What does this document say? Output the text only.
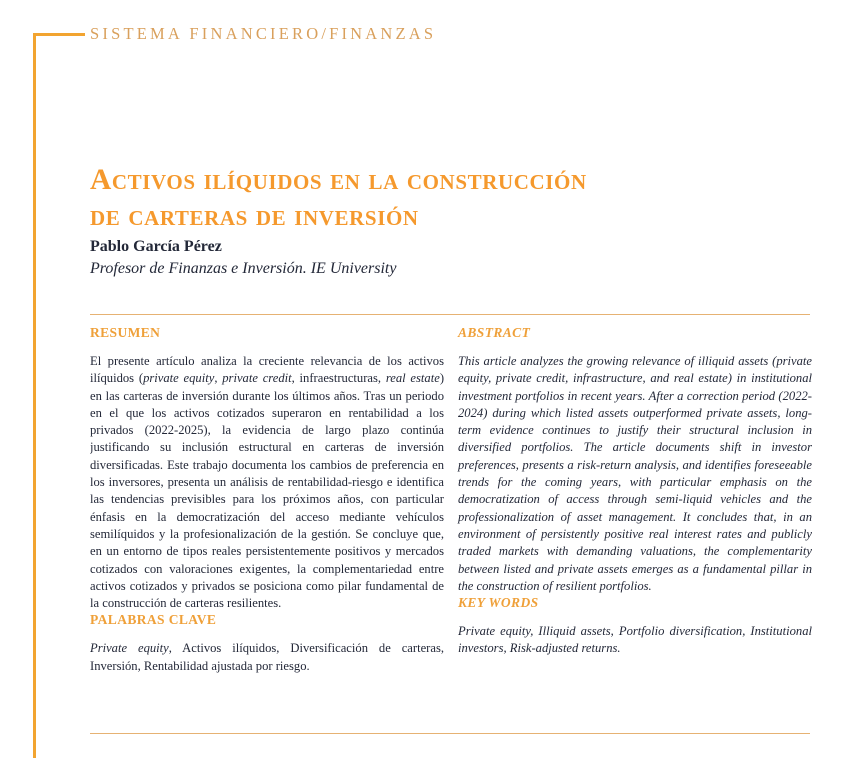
SISTEMA FINANCIERO/FINANZAS
Activos ilíquidos en la construcción
de carteras de inversión
Pablo García Pérez
Profesor de Finanzas e Inversión. IE University
RESUMEN

El presente artículo analiza la creciente relevancia de los activos ilíquidos (private equity, private credit, infraestructuras, real estate) en las carteras de inversión durante los últimos años. Tras un periodo en el que los activos cotizados superaron en rentabilidad a los privados (2022-2025), la evidencia de largo plazo continúa justificando su inclusión estructural en carteras de inversión diversificadas. Este trabajo documenta los cambios de preferencia en los inversores, presenta un análisis de rentabilidad-riesgo e identifica las tendencias previsibles para los próximos años, con particular énfasis en la democratización del acceso mediante vehículos semilíquidos y la profesionalización de la gestión. Se concluye que, en un entorno de tipos reales persistentemente positivos y mercados cotizados con valoraciones exigentes, la complementariedad entre activos cotizados y privados se posiciona como pilar fundamental de la construcción de carteras resilientes.

PALABRAS CLAVE

Private equity, Activos ilíquidos, Diversificación de carteras, Inversión, Rentabilidad ajustada por riesgo.

ABSTRACT

This article analyzes the growing relevance of illiquid assets (private equity, private credit, infrastructure, and real estate) in institutional investment portfolios in recent years. After a correction period (2022-2024) during which listed assets outperformed private assets, long-term evidence continues to justify their structural inclusion in diversified portfolios. The article documents shift in investor preferences, presents a risk-return analysis, and identifies foreseeable trends for the coming years, with particular emphasis on the democratization of access through semi-liquid vehicles and the professionalization of asset management. It concludes that, in an environment of persistently positive real interest rates and publicly traded markets with demanding valuations, the complementarity between listed and private assets emerges as a fundamental pillar in the construction of resilient portfolios.

KEY WORDS

Private equity, Illiquid assets, Portfolio diversification, Institutional investors, Risk-adjusted returns.
